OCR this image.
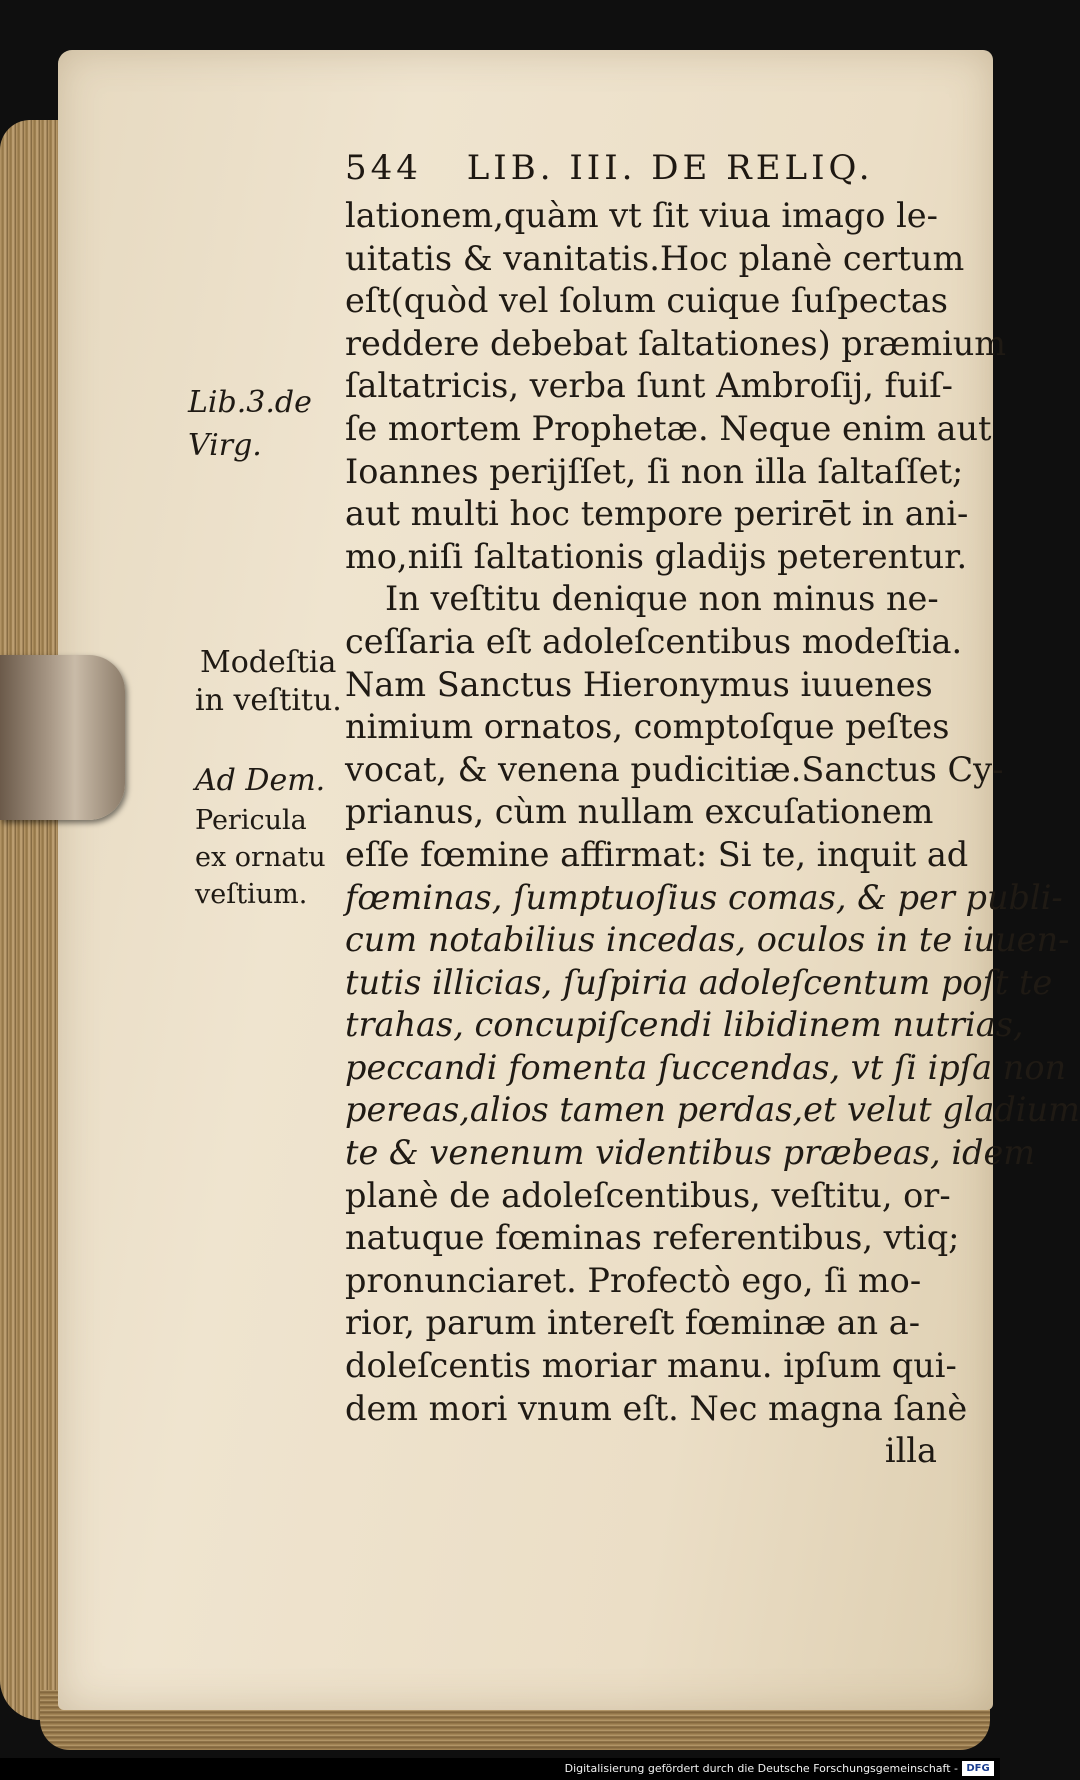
544 LIB. III. DE RELIQ.
lationem,quàm vt ſit viua imago le-
uitatis & vanitatis.Hoc planè certum
eſt(quòd vel ſolum cuique ſuſpectas
reddere debebat ſaltationes) præmium
ſaltatricis, verba ſunt Ambroſij, fuiſ-
ſe mortem Prophetæ. Neque enim aut
Ioannes perijſſet, ſi non illa ſaltaſſet;
aut multi hoc tempore perirēt in ani-
mo,niſi ſaltationis gladijs peterentur.
In veſtitu denique non minus ne-
ceſſaria eſt adoleſcentibus modeſtia.
Nam Sanctus Hieronymus iuuenes
nimium ornatos, comptoſque peſtes
vocat, & venena pudicitiæ.Sanctus Cy-
prianus, cùm nullam excuſationem
eſſe fœmine affirmat: Si te, inquit ad
fœminas, ſumptuoſius comas, & per publi-
cum notabilius incedas, oculos in te iuuen-
tutis illicias, ſuſpiria adoleſcentum poſt te
trahas, concupiſcendi libidinem nutrias,
peccandi fomenta ſuccendas, vt ſi ipſa non
pereas,alios tamen perdas,et velut gladium
te & venenum videntibus præbeas, idem
planè de adoleſcentibus, veſtitu, or-
natuque fœminas referentibus, vtiq;
pronunciaret. Profectò ego, ſi mo-
rior, parum intereſt fœminæ an a-
doleſcentis moriar manu. ipſum qui-
dem mori vnum eſt. Nec magna ſanè
illa
Lib.3.de
Virg.
Modeſtia
in veſtitu.
Ad Dem.
Pericula
ex ornatu
veſtium.
Digitalisierung gefördert durch die Deutsche Forschungsgemeinschaft - DFG
